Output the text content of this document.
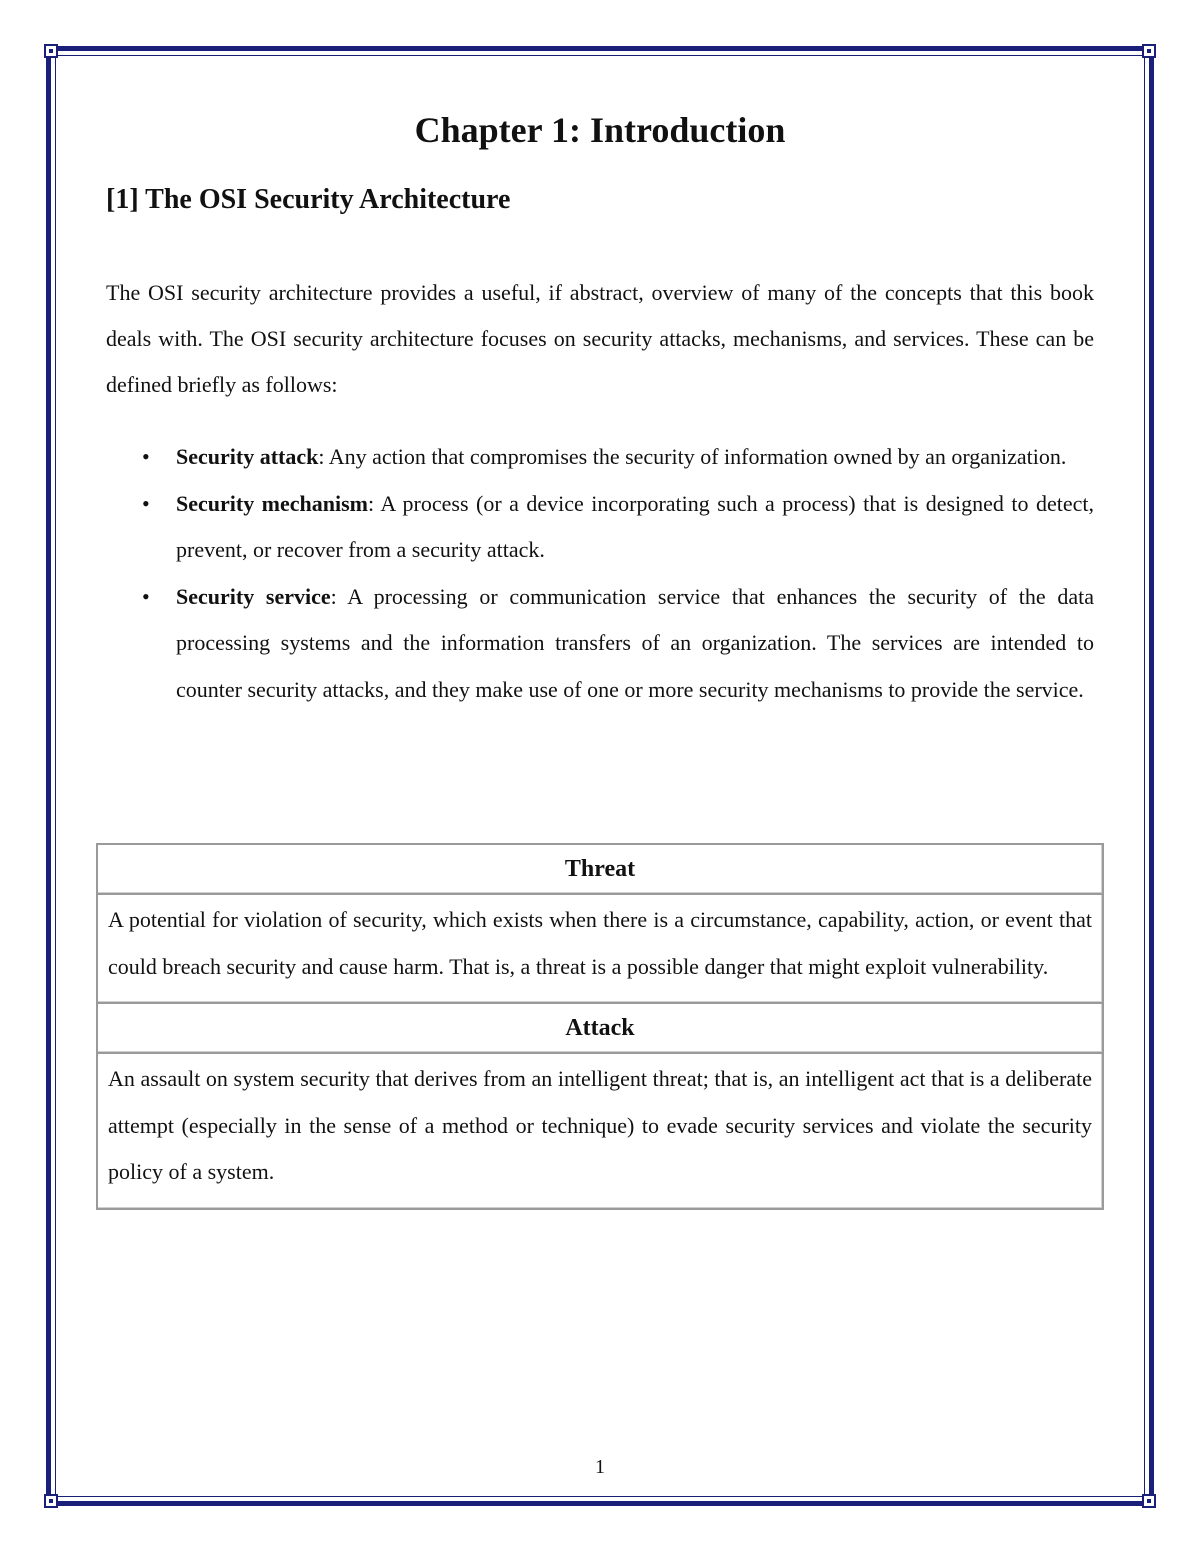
Chapter 1: Introduction
[1] The OSI Security Architecture

The OSI security architecture provides a useful, if abstract, overview of many of the concepts that this book deals with. The OSI security architecture focuses on security attacks, mechanisms, and services. These can be defined briefly as follows:

• Security attack: Any action that compromises the security of information owned by an organization.
• Security mechanism: A process (or a device incorporating such a process) that is designed to detect, prevent, or recover from a security attack.
• Security service: A processing or communication service that enhances the security of the data processing systems and the information transfers of an organization. The services are intended to counter security attacks, and they make use of one or more security mechanisms to provide the service.
Threat
A potential for violation of security, which exists when there is a circumstance, capability, action, or event that could breach security and cause harm. That is, a threat is a possible danger that might exploit vulnerability.
Attack
An assault on system security that derives from an intelligent threat; that is, an intelligent act that is a deliberate attempt (especially in the sense of a method or technique) to evade security services and violate the security policy of a system.
1
